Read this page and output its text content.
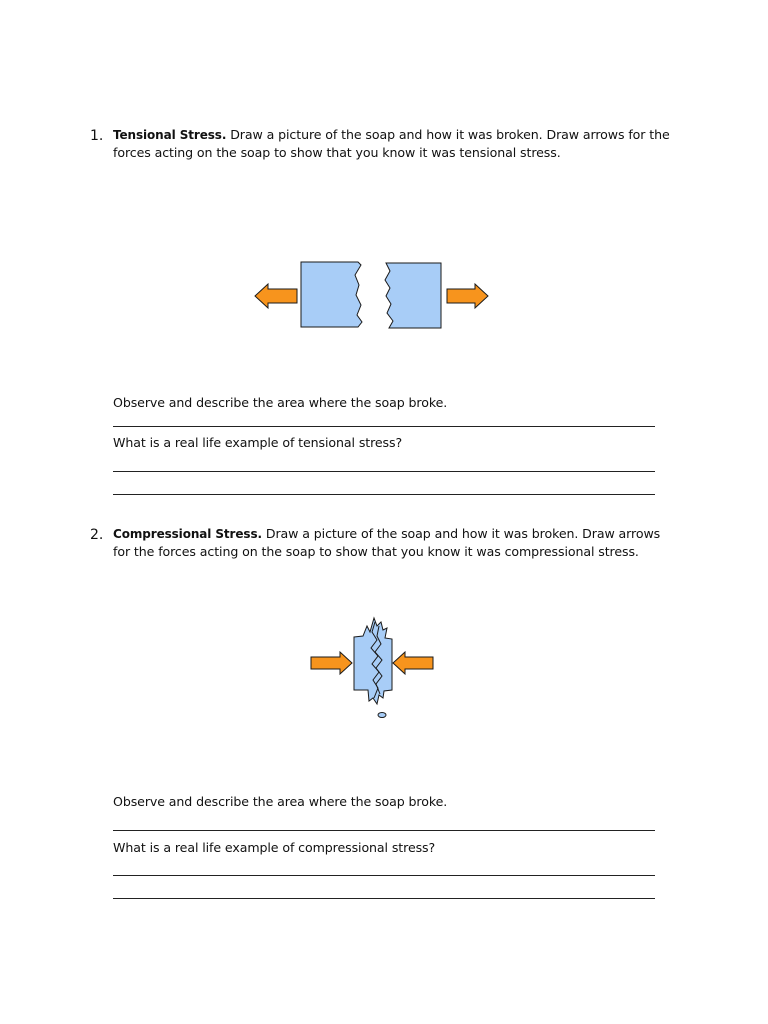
1. Tensional Stress. Draw a picture of the soap and how it was broken. Draw arrows for the forces acting on the soap to show that you know it was tensional stress.
Observe and describe the area where the soap broke.
What is a real life example of tensional stress?
2. Compressional Stress. Draw a picture of the soap and how it was broken. Draw arrows for the forces acting on the soap to show that you know it was compressional stress.
Observe and describe the area where the soap broke.
What is a real life example of compressional stress?
